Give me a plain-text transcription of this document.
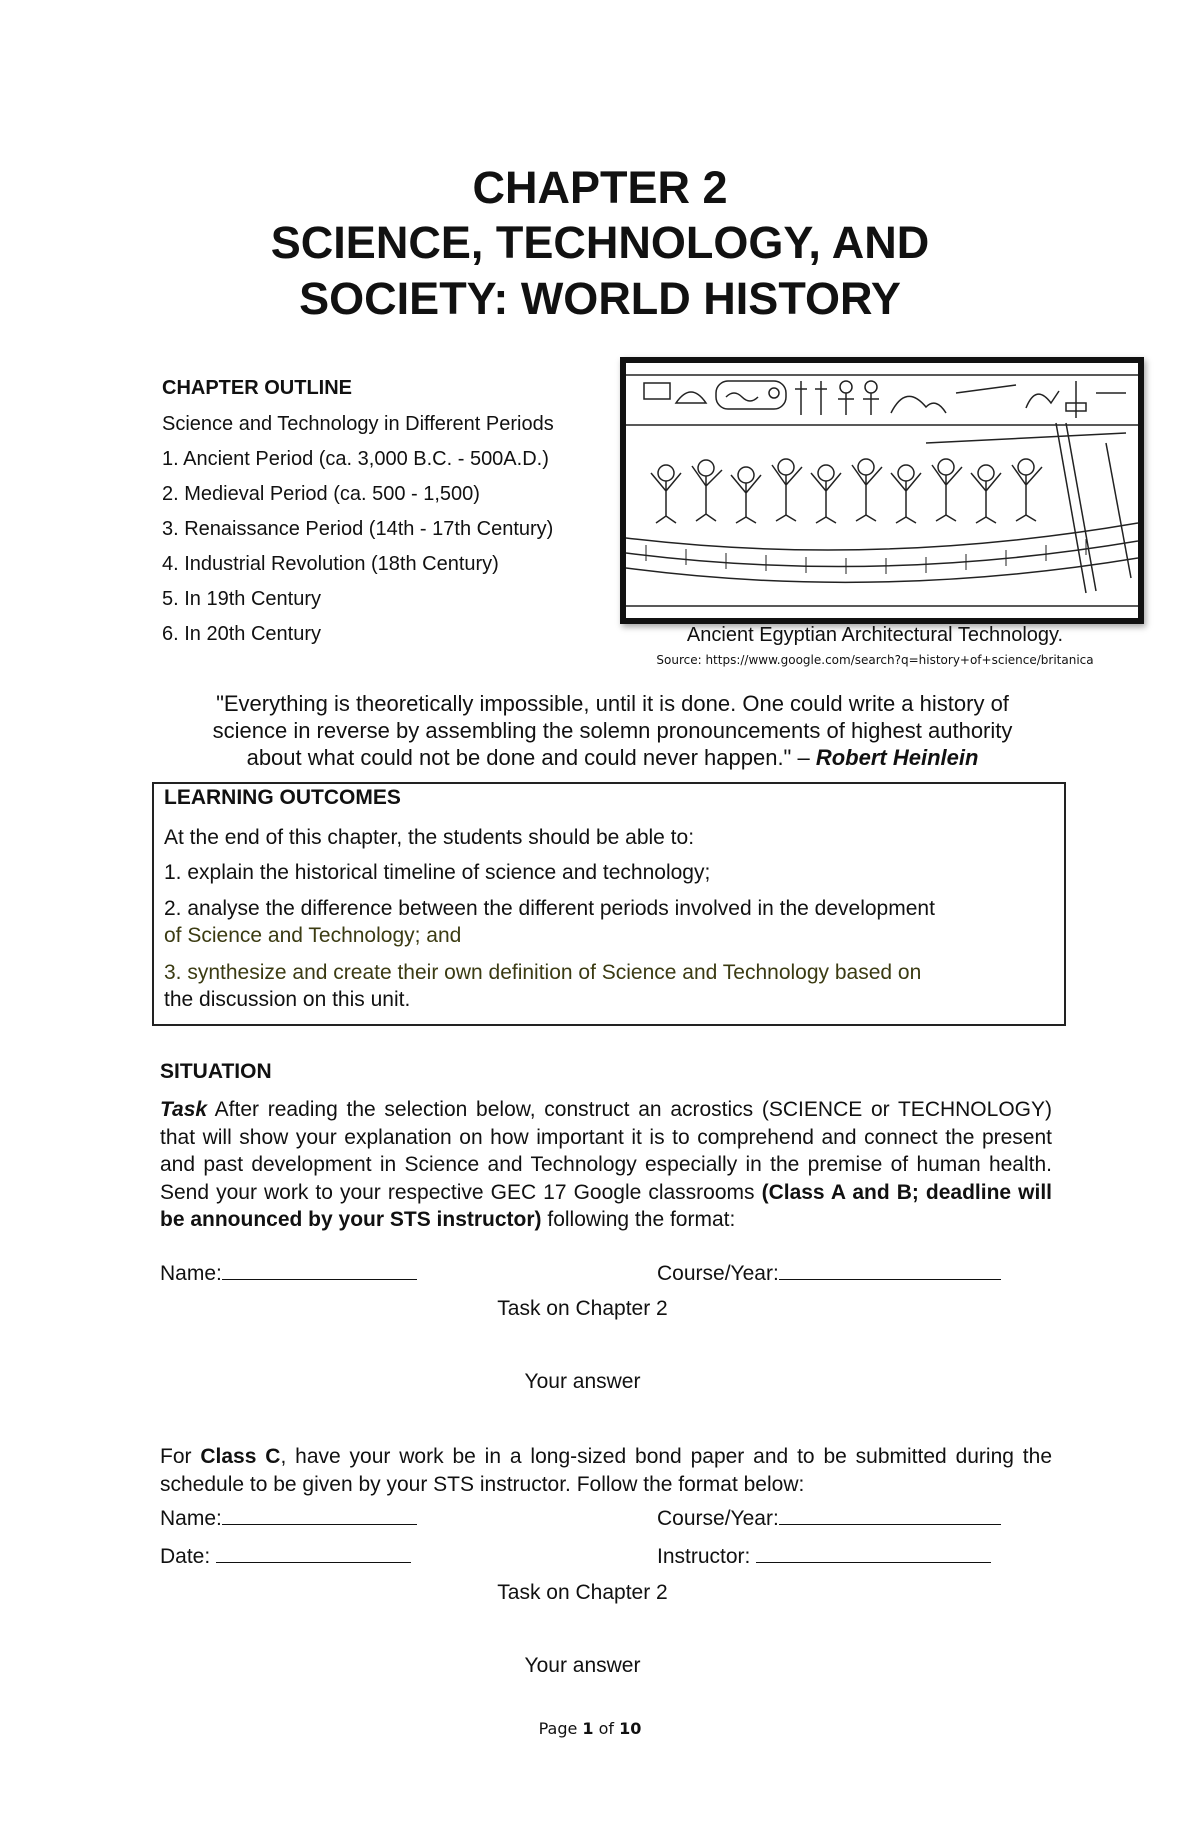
CHAPTER 2
SCIENCE, TECHNOLOGY, AND
SOCIETY: WORLD HISTORY
CHAPTER OUTLINE
Science and Technology in Different Periods
1. Ancient Period (ca. 3,000 B.C. - 500A.D.)
2. Medieval Period (ca. 500 - 1,500)
3. Renaissance Period (14th - 17th Century)
4. Industrial Revolution (18th Century)
5. In 19th Century
6. In 20th Century	Ancient Egyptian Architectural Technology.
Source: https://www.google.com/search?q=history+of+science/britanica
"Everything is theoretically impossible, until it is done. One could write a history of
science in reverse by assembling the solemn pronouncements of highest authority
about what could not be done and could never happen." – Robert Heinlein
LEARNING OUTCOMES
At the end of this chapter, the students should be able to:
1. explain the historical timeline of science and technology;
2. analyse the difference between the different periods involved in the development
of Science and Technology; and
3. synthesize and create their own definition of Science and Technology based on
the discussion on this unit.
SITUATION
Task After reading the selection below, construct an acrostics (SCIENCE or TECHNOLOGY) that will show your explanation on how important it is to comprehend and connect the present and past development in Science and Technology especially in the premise of human health. Send your work to your respective GEC 17 Google classrooms (Class A and B; deadline will be announced by your STS instructor) following the format:
Name:	Course/Year:
Task on Chapter 2
Your answer
For Class C, have your work be in a long-sized bond paper and to be submitted during the schedule to be given by your STS instructor. Follow the format below:
Name:	Course/Year:
Date:	Instructor:
Task on Chapter 2
Your answer
Page 1 of 10
